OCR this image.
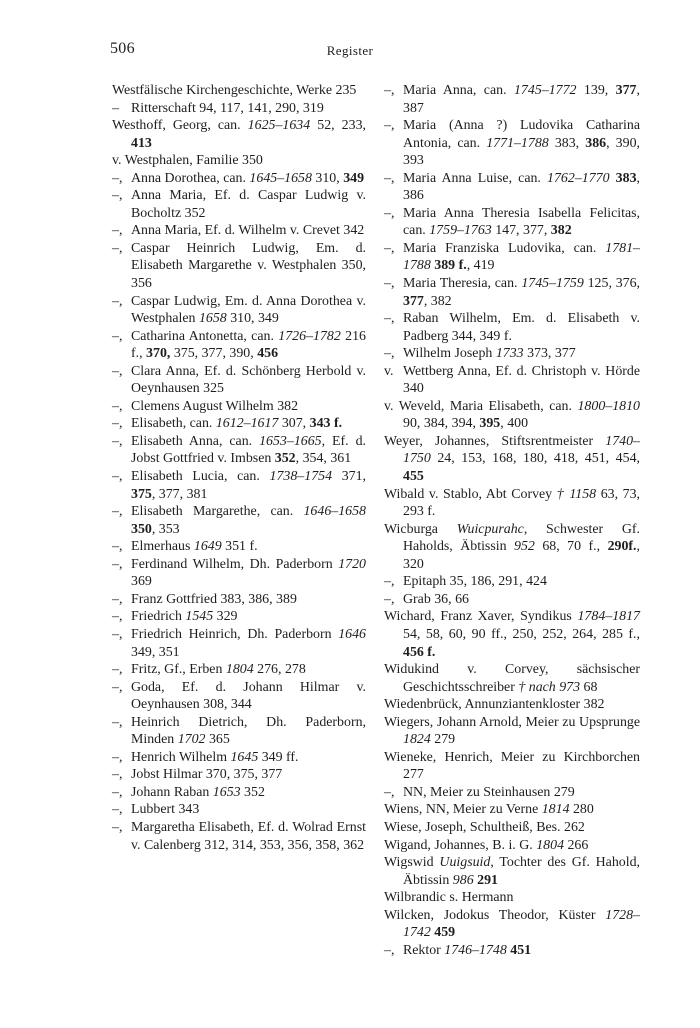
506	Register
Westfälische Kirchengeschichte, Werke 235
– Ritterschaft 94, 117, 141, 290, 319
Westhoff, Georg, can. 1625–1634 52, 233, 413
v. Westphalen, Familie 350
–, Anna Dorothea, can. 1645–1658 310, 349
–, Anna Maria, Ef. d. Caspar Ludwig v. Bocholtz 352
–, Anna Maria, Ef. d. Wilhelm v. Crevet 342
–, Caspar Heinrich Ludwig, Em. d. Elisabeth Margarethe v. Westphalen 350, 356
–, Caspar Ludwig, Em. d. Anna Dorothea v. Westphalen 1658 310, 349
–, Catharina Antonetta, can. 1726–1782 216 f., 370, 375, 377, 390, 456
–, Clara Anna, Ef. d. Schönberg Herbold v. Oeynhausen 325
–, Clemens August Wilhelm 382
–, Elisabeth, can. 1612–1617 307, 343 f.
–, Elisabeth Anna, can. 1653–1665, Ef. d. Jobst Gottfried v. Imbsen 352, 354, 361
–, Elisabeth Lucia, can. 1738–1754 371, 375, 377, 381
–, Elisabeth Margarethe, can. 1646–1658 350, 353
–, Elmerhaus 1649 351 f.
–, Ferdinand Wilhelm, Dh. Paderborn 1720 369
–, Franz Gottfried 383, 386, 389
–, Friedrich 1545 329
–, Friedrich Heinrich, Dh. Paderborn 1646 349, 351
–, Fritz, Gf., Erben 1804 276, 278
–, Goda, Ef. d. Johann Hilmar v. Oeynhausen 308, 344
–, Heinrich Dietrich, Dh. Paderborn, Minden 1702 365
–, Henrich Wilhelm 1645 349 ff.
–, Jobst Hilmar 370, 375, 377
–, Johann Raban 1653 352
–, Lubbert 343
–, Margaretha Elisabeth, Ef. d. Wolrad Ernst v. Calenberg 312, 314, 353, 356, 358, 362
–, Maria Anna, can. 1745–1772 139, 377, 387
–, Maria (Anna ?) Ludovika Catharina Antonia, can. 1771–1788 383, 386, 390, 393
–, Maria Anna Luise, can. 1762–1770 383, 386
–, Maria Anna Theresia Isabella Felicitas, can. 1759–1763 147, 377, 382
–, Maria Franziska Ludovika, can. 1781–1788 389 f., 419
–, Maria Theresia, can. 1745–1759 125, 376, 377, 382
–, Raban Wilhelm, Em. d. Elisabeth v. Padberg 344, 349 f.
–, Wilhelm Joseph 1733 373, 377
v. Wettberg Anna, Ef. d. Christoph v. Hörde 340
v. Weveld, Maria Elisabeth, can. 1800–1810 90, 384, 394, 395, 400
Weyer, Johannes, Stiftsrentmeister 1740–1750 24, 153, 168, 180, 418, 451, 454, 455
Wibald v. Stablo, Abt Corvey † 1158 63, 73, 293 f.
Wicburga Wuicpurahc, Schwester Gf. Haholds, Äbtissin 952 68, 70 f., 290f., 320
–, Epitaph 35, 186, 291, 424
–, Grab 36, 66
Wichard, Franz Xaver, Syndikus 1784–1817 54, 58, 60, 90 ff., 250, 252, 264, 285 f., 456 f.
Widukind v. Corvey, sächsischer Geschichtsschreiber † nach 973 68
Wiedenbrück, Annunziantenkloster 382
Wiegers, Johann Arnold, Meier zu Upsprunge 1824 279
Wieneke, Henrich, Meier zu Kirchborchen 277
–, NN, Meier zu Steinhausen 279
Wiens, NN, Meier zu Verne 1814 280
Wiese, Joseph, Schultheiß, Bes. 262
Wigand, Johannes, B. i. G. 1804 266
Wigswid Uuigsuid, Tochter des Gf. Hahold, Äbtissin 986 291
Wilbrandic s. Hermann
Wilcken, Jodokus Theodor, Küster 1728–1742 459
–, Rektor 1746–1748 451
